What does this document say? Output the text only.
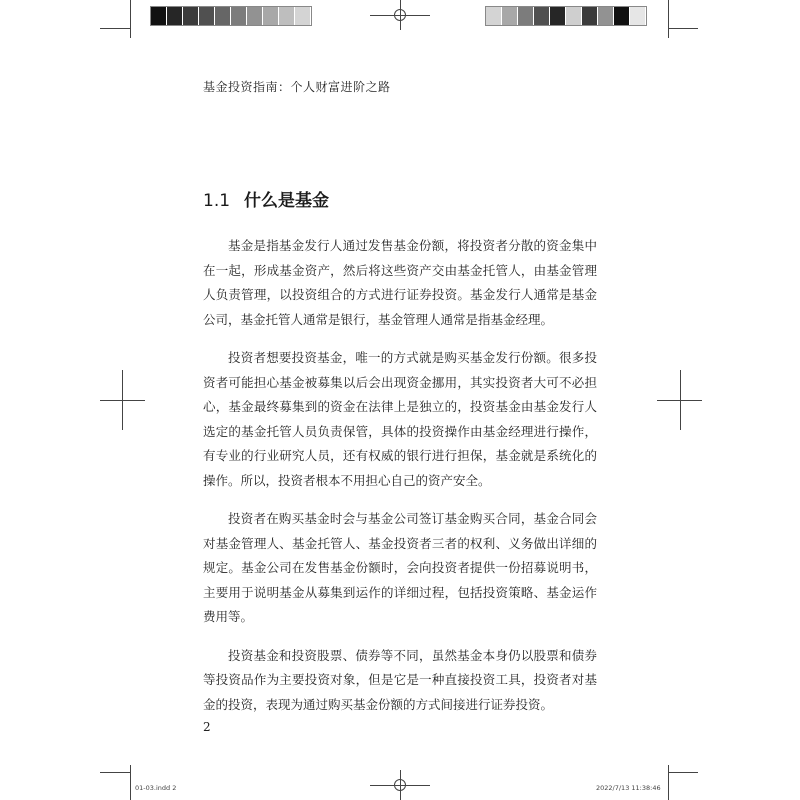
基金投资指南：个人财富进阶之路
1.1 什么是基金

基金是指基金发行人通过发售基金份额，将投资者分散的资金集中在一起，形成基金资产，然后将这些资产交由基金托管人，由基金管理人负责管理，以投资组合的方式进行证券投资。基金发行人通常是基金公司，基金托管人通常是银行，基金管理人通常是指基金经理。

投资者想要投资基金，唯一的方式就是购买基金发行份额。很多投资者可能担心基金被募集以后会出现资金挪用，其实投资者大可不必担心，基金最终募集到的资金在法律上是独立的，投资基金由基金发行人选定的基金托管人员负责保管，具体的投资操作由基金经理进行操作，有专业的行业研究人员，还有权威的银行进行担保，基金就是系统化的操作。所以，投资者根本不用担心自己的资产安全。

投资者在购买基金时会与基金公司签订基金购买合同，基金合同会对基金管理人、基金托管人、基金投资者三者的权利、义务做出详细的规定。基金公司在发售基金份额时，会向投资者提供一份招募说明书，主要用于说明基金从募集到运作的详细过程，包括投资策略、基金运作费用等。

投资基金和投资股票、债券等不同，虽然基金本身仍以股票和债券等投资品作为主要投资对象，但是它是一种直接投资工具，投资者对基金的投资，表现为通过购买基金份额的方式间接进行证券投资。

2
01-03.indd 2	2022/7/13 11:38:46
